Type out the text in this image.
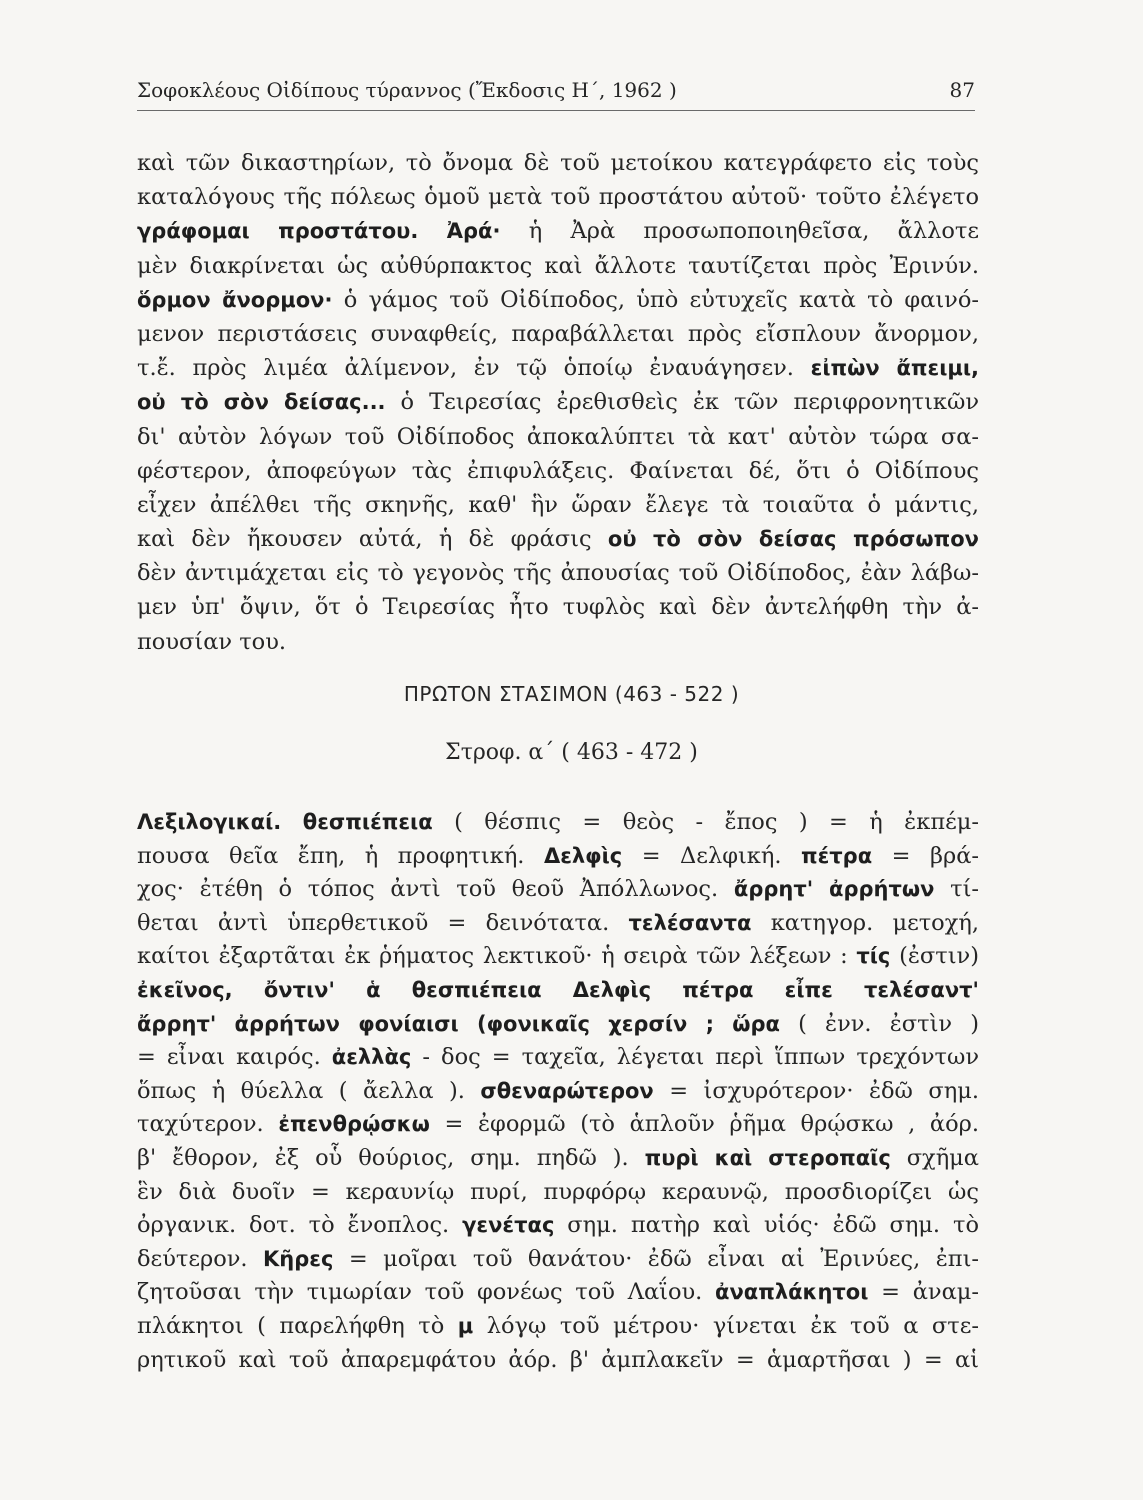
Σοφοκλέους Οἰδίπους τύραννος (Ἔκδοσις Η΄, 1962 )	87
καὶ τῶν δικαστηρίων, τὸ ὄνομα δὲ τοῦ μετοίκου κατεγράφετο εἰς τοὺς
καταλόγους τῆς πόλεως ὁμοῦ μετὰ τοῦ προστάτου αὐτοῦ· τοῦτο ἐλέγετο
γράφομαι προστάτου. Ἀρά· ἡ Ἀρὰ προσωποποιηθεῖσα, ἄλλοτε
μὲν διακρίνεται ὡς αὐθύρπακτος καὶ ἄλλοτε ταυτίζεται πρὸς Ἐρινύν.
ὅρμον ἄνορμον· ὁ γάμος τοῦ Οἰδίποδος, ὑπὸ εὐτυχεῖς κατὰ τὸ φαινό-
μενον περιστάσεις συναφθείς, παραβάλλεται πρὸς εἴσπλουν ἄνορμον,
τ.ἔ. πρὸς λιμέα ἀλίμενον, ἐν τῷ ὁποίῳ ἐναυάγησεν. εἰπὼν ἄπειμι,
οὐ τὸ σὸν δείσας... ὁ Τειρεσίας ἐρεθισθεὶς ἐκ τῶν περιφρονητικῶν
δι' αὐτὸν λόγων τοῦ Οἰδίποδος ἀποκαλύπτει τὰ κατ' αὐτὸν τώρα σα-
φέστερον, ἀποφεύγων τὰς ἐπιφυλάξεις. Φαίνεται δέ, ὅτι ὁ Οἰδίπους
εἶχεν ἀπέλθει τῆς σκηνῆς, καθ' ἣν ὥραν ἔλεγε τὰ τοιαῦτα ὁ μάντις,
καὶ δὲν ἤκουσεν αὐτά, ἡ δὲ φράσις οὐ τὸ σὸν δείσας πρόσωπον
δὲν ἀντιμάχεται εἰς τὸ γεγονὸς τῆς ἀπουσίας τοῦ Οἰδίποδος, ἐὰν λάβω-
μεν ὑπ' ὄψιν, ὅτ ὁ Τειρεσίας ἦτο τυφλὸς καὶ δὲν ἀντελήφθη τὴν ἀ-
πουσίαν του.
ΠΡΩΤΟΝ ΣΤΑΣΙΜΟΝ (463 - 522 )
Στροφ. α΄ ( 463 - 472 )
Λεξιλογικαί. θεσπιέπεια ( θέσπις = θεὸς - ἔπος ) = ἡ ἐκπέμ-
πουσα θεῖα ἔπη, ἡ προφητική. Δελφὶς = Δελφική. πέτρα = βρά-
χος· ἐτέθη ὁ τόπος ἀντὶ τοῦ θεοῦ Ἀπόλλωνος. ἄρρητ' ἀρρήτων τί-
θεται ἀντὶ ὑπερθετικοῦ = δεινότατα. τελέσαντα κατηγορ. μετοχή,
καίτοι ἐξαρτᾶται ἐκ ῥήματος λεκτικοῦ· ἡ σειρὰ τῶν λέξεων : τίς (ἐστιν)
ἐκεῖνος, ὄντιν' ἁ θεσπιέπεια Δελφὶς πέτρα εἶπε τελέσαντ'
ἄρρητ' ἀρρήτων φονίαισι (φονικαῖς χερσίν ; ὥρα ( ἐνν. ἐστὶν )
= εἶναι καιρός. ἀελλὰς - δος = ταχεῖα, λέγεται περὶ ἵππων τρεχόντων
ὅπως ἡ θύελλα ( ἄελλα ). σθεναρώτερον = ἰσχυρότερον· ἐδῶ σημ.
ταχύτερον. ἐπενθρῴσκω = ἐφορμῶ (τὸ ἁπλοῦν ῥῆμα θρῴσκω , ἀόρ.
β' ἔθορον, ἐξ οὗ θούριος, σημ. πηδῶ ). πυρὶ καὶ στεροπαῖς σχῆμα
ἓν διὰ δυοῖν = κεραυνίῳ πυρί, πυρφόρῳ κεραυνῷ, προσδιορίζει ὡς
ὀργανικ. δοτ. τὸ ἔνοπλος. γενέτας σημ. πατὴρ καὶ υἱός· ἐδῶ σημ. τὸ
δεύτερον. Κῆρες = μοῖραι τοῦ θανάτου· ἐδῶ εἶναι αἱ Ἐρινύες, ἐπι-
ζητοῦσαι τὴν τιμωρίαν τοῦ φονέως τοῦ Λαΐου. ἀναπλάκητοι = ἀναμ-
πλάκητοι ( παρελήφθη τὸ μ λόγῳ τοῦ μέτρου· γίνεται ἐκ τοῦ α στε-
ρητικοῦ καὶ τοῦ ἀπαρεμφάτου ἀόρ. β' ἀμπλακεῖν = ἁμαρτῆσαι ) = αἱ
